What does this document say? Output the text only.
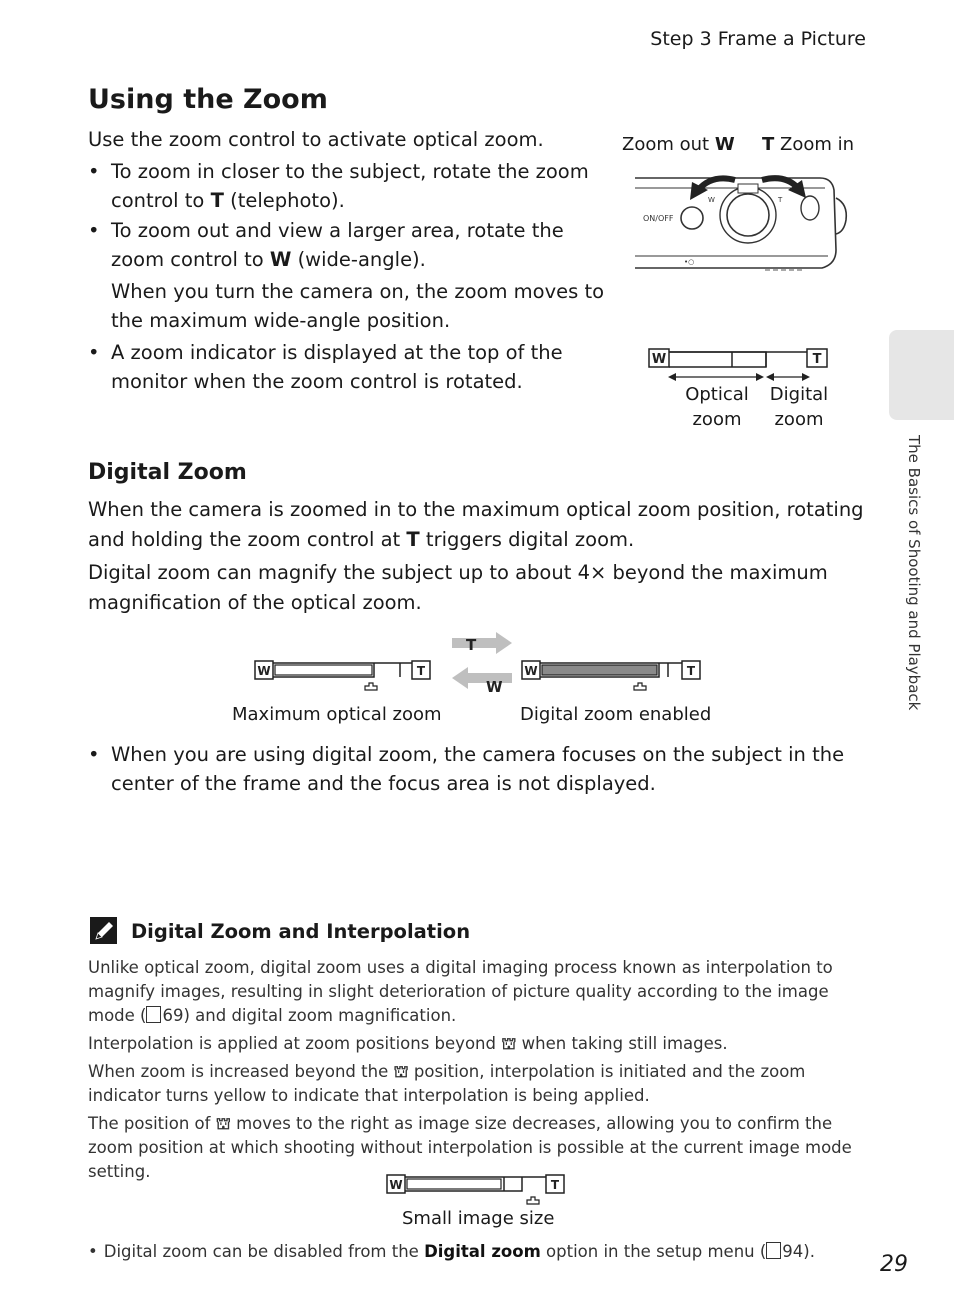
Step 3 Frame a Picture
The Basics of Shooting and Playback
Using the Zoom
Use the zoom control to activate optical zoom.
• To zoom in closer to the subject, rotate the zoom control to T (telephoto).
• To zoom out and view a larger area, rotate the zoom control to W (wide-angle).
When you turn the camera on, the zoom moves to the maximum wide-angle position.
• A zoom indicator is displayed at the top of the monitor when the zoom control is rotated.
Zoom out W T Zoom in
ON/OFF
W	T
•○
W	T
Optical
zoom
Digital
zoom
Digital Zoom
When the camera is zoomed in to the maximum optical zoom position, rotating and holding the zoom control at T triggers digital zoom.
Digital zoom can magnify the subject up to about 4× beyond the maximum magnification of the optical zoom.
W	T
T
W
W	T
Maximum optical zoom	Digital zoom enabled
• When you are using digital zoom, the camera focuses on the subject in the center of the frame and the focus area is not displayed.
Digital Zoom and Interpolation
Unlike optical zoom, digital zoom uses a digital imaging process known as interpolation to magnify images, resulting in slight deterioration of picture quality according to the image mode ( 69) and digital zoom magnification.
Interpolation is applied at zoom positions beyond ⛫ when taking still images.
When zoom is increased beyond the ⛫ position, interpolation is initiated and the zoom indicator turns yellow to indicate that interpolation is being applied.
The position of ⛫ moves to the right as image size decreases, allowing you to confirm the zoom position at which shooting without interpolation is possible at the current image mode setting.
W	T
Small image size
• Digital zoom can be disabled from the Digital zoom option in the setup menu ( 94).
29
